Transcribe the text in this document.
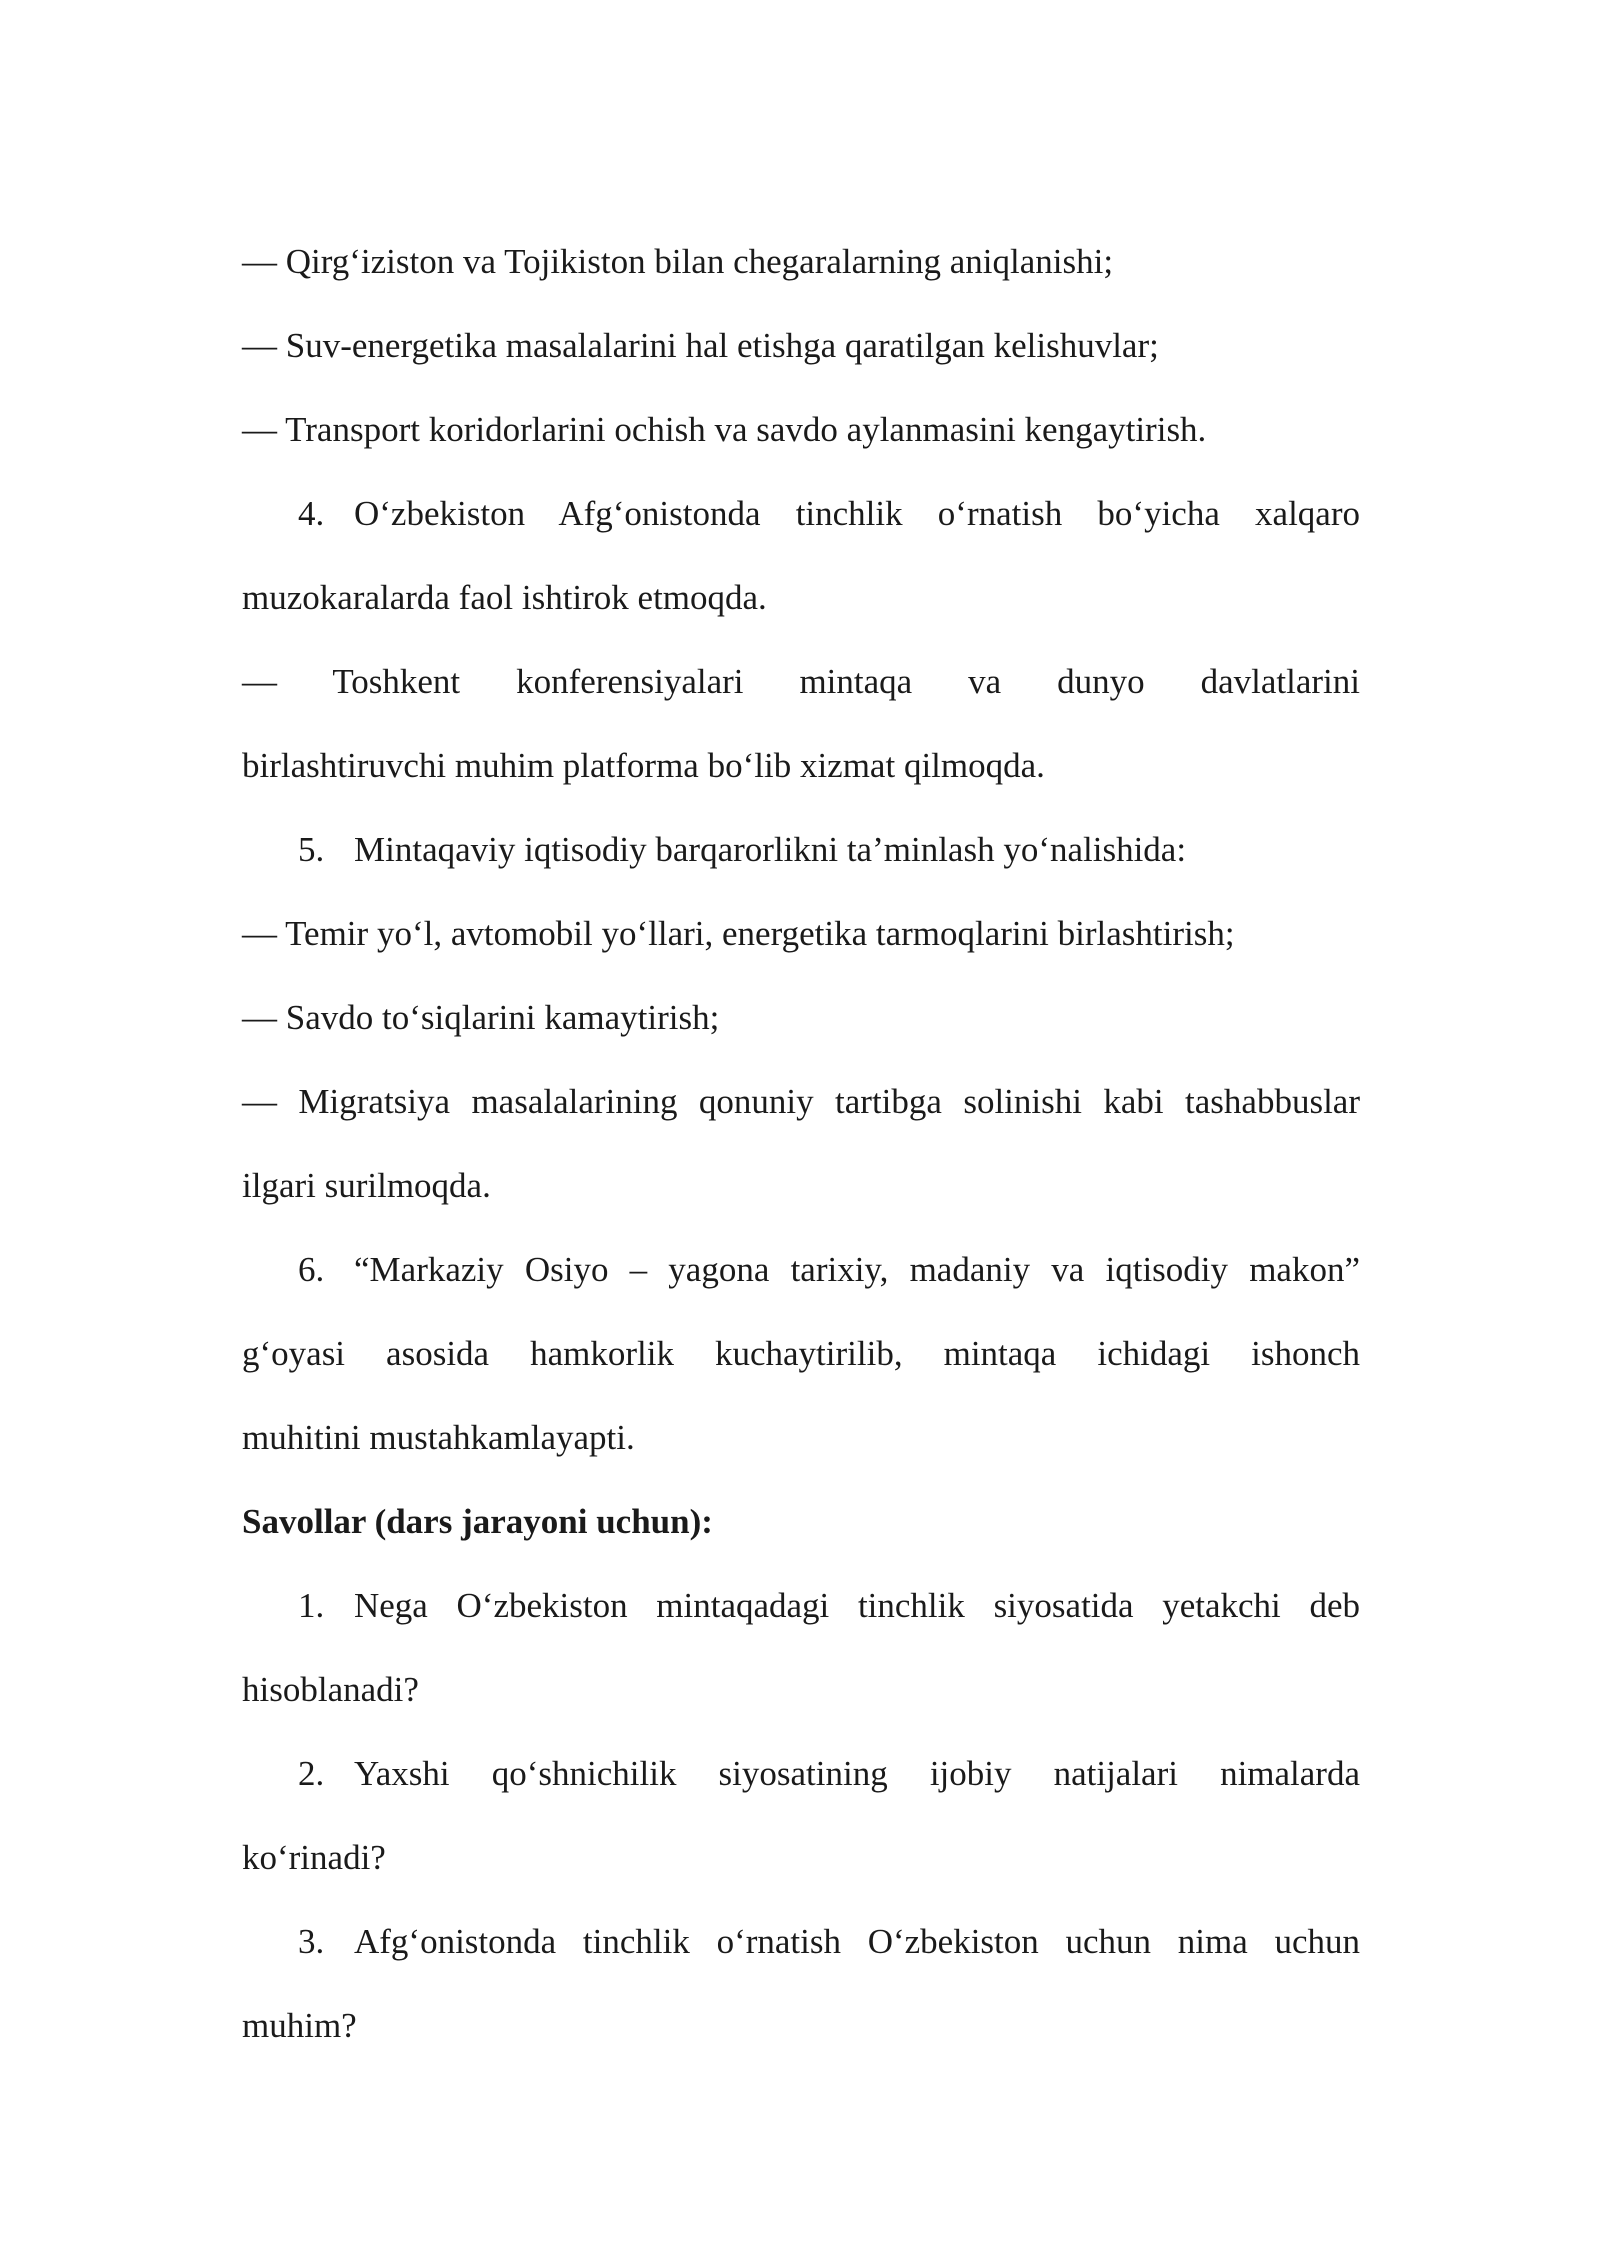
— Qirg‘iziston va Tojikiston bilan chegaralarning aniqlanishi;
— Suv-energetika masalalarini hal etishga qaratilgan kelishuvlar;
— Transport koridorlarini ochish va savdo aylanmasini kengaytirish.
4. O‘zbekiston Afg‘onistonda tinchlik o‘rnatish bo‘yicha xalqaro
muzokaralarda faol ishtirok etmoqda.
— Toshkent konferensiyalari mintaqa va dunyo davlatlarini
birlashtiruvchi muhim platforma bo‘lib xizmat qilmoqda.
5. Mintaqaviy iqtisodiy barqarorlikni ta’minlash yo‘nalishida:
— Temir yo‘l, avtomobil yo‘llari, energetika tarmoqlarini birlashtirish;
— Savdo to‘siqlarini kamaytirish;
— Migratsiya masalalarining qonuniy tartibga solinishi kabi tashabbuslar
ilgari surilmoqda.
6. “Markaziy Osiyo – yagona tarixiy, madaniy va iqtisodiy makon”
g‘oyasi asosida hamkorlik kuchaytirilib, mintaqa ichidagi ishonch
muhitini mustahkamlayapti.
Savollar (dars jarayoni uchun):
1. Nega O‘zbekiston mintaqadagi tinchlik siyosatida yetakchi deb
hisoblanadi?
2. Yaxshi qo‘shnichilik siyosatining ijobiy natijalari nimalarda
ko‘rinadi?
3. Afg‘onistonda tinchlik o‘rnatish O‘zbekiston uchun nima uchun
muhim?
